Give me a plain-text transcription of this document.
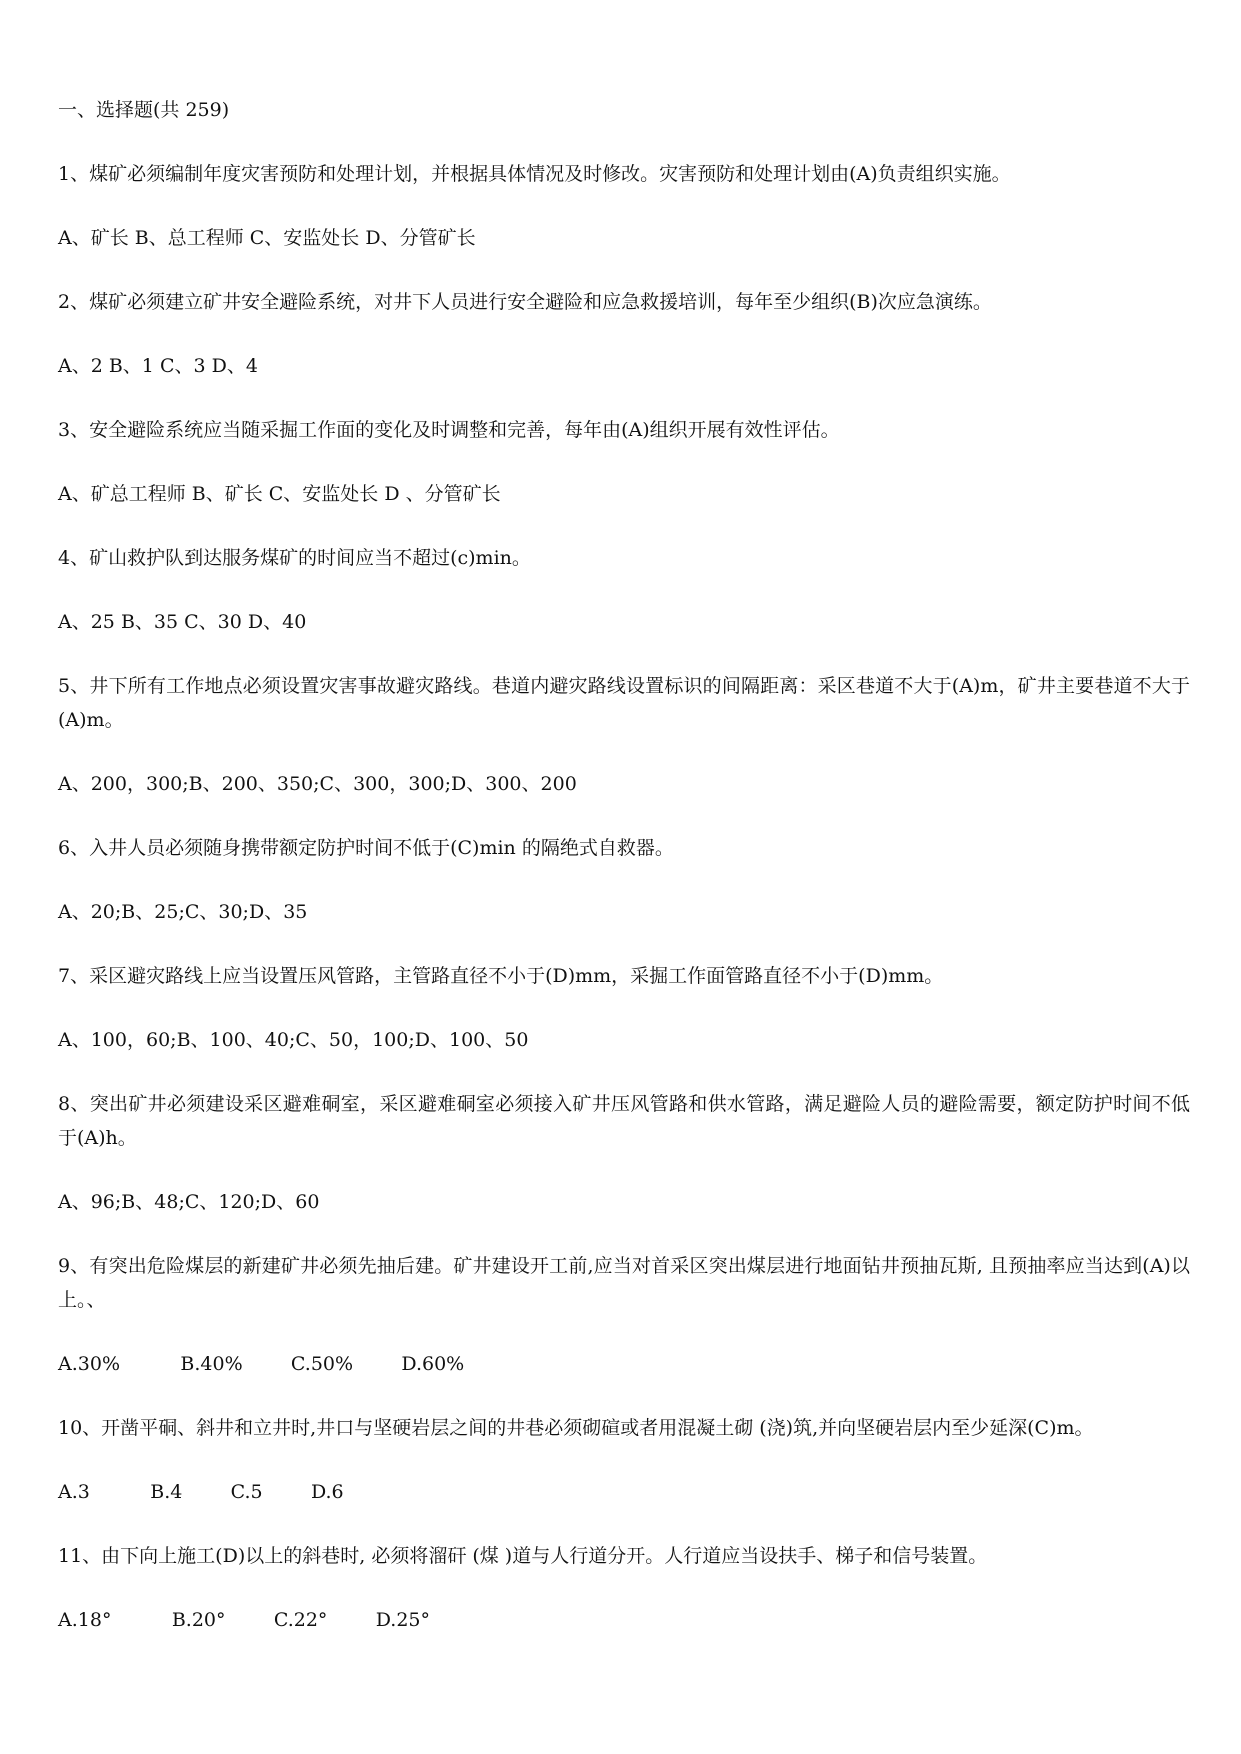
一、选择题(共 259)

1、煤矿必须编制年度灾害预防和处理计划，并根据具体情况及时修改。灾害预防和处理计划由(A)负责组织实施。

A、矿长 B、总工程师 C、安监处长 D、分管矿长

2、煤矿必须建立矿井安全避险系统，对井下人员进行安全避险和应急救援培训，每年至少组织(B)次应急演练。

A、2 B、1 C、3 D、4

3、安全避险系统应当随采掘工作面的变化及时调整和完善，每年由(A)组织开展有效性评估。

A、矿总工程师 B、矿长 C、安监处长 D 、分管矿长

4、矿山救护队到达服务煤矿的时间应当不超过(c)min。

A、25 B、35 C、30 D、40

5、井下所有工作地点必须设置灾害事故避灾路线。巷道内避灾路线设置标识的间隔距离：采区巷道不大于(A)m，矿井主要巷道不大于(A)m。

A、200，300;B、200、350;C、300，300;D、300、200

6、入井人员必须随身携带额定防护时间不低于(C)min 的隔绝式自救器。

A、20;B、25;C、30;D、35

7、采区避灾路线上应当设置压风管路，主管路直径不小于(D)mm，采掘工作面管路直径不小于(D)mm。

A、100，60;B、100、40;C、50，100;D、100、50

8、突出矿井必须建设采区避难硐室，采区避难硐室必须接入矿井压风管路和供水管路，满足避险人员的避险需要，额定防护时间不低于(A)h。

A、96;B、48;C、120;D、60

9、有突出危险煤层的新建矿井必须先抽后建。矿井建设开工前,应当对首采区突出煤层进行地面钻井预抽瓦斯, 且预抽率应当达到(A)以上。、

A.30%          B.40%        C.50%        D.60%

10、开凿平硐、斜井和立井时,井口与坚硬岩层之间的井巷必须砌碹或者用混凝土砌 (浇)筑,并向坚硬岩层内至少延深(C)m。

A.3          B.4        C.5        D.6

11、由下向上施工(D)以上的斜巷时, 必须将溜矸 (煤 )道与人行道分开。人行道应当设扶手、梯子和信号装置。

A.18°          B.20°        C.22°        D.25°
